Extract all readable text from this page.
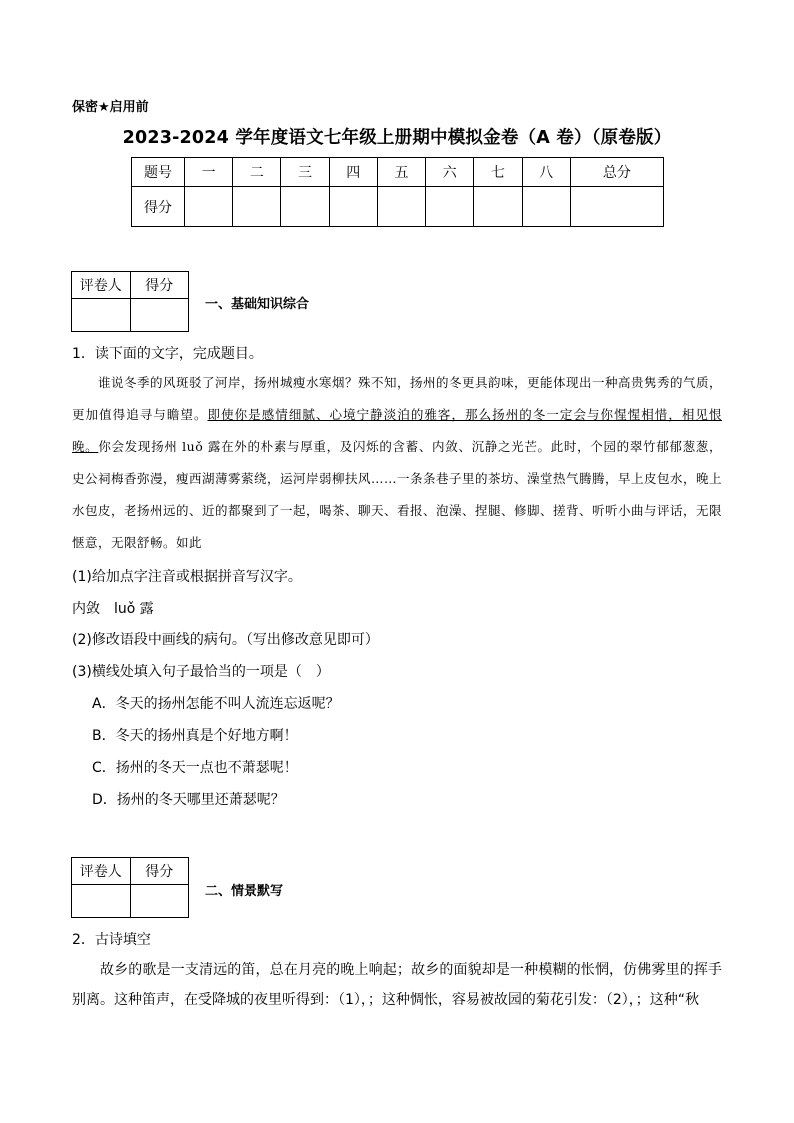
保密★启用前
2023-2024 学年度语文七年级上册期中模拟金卷（A 卷）（原卷版）
题号	一	二	三	四	五	六	七	八	总分
得分									
评卷人	得分

一、基础知识综合
1．读下面的文字，完成题目。
谁说冬季的风斑驳了河岸，扬州城瘦水寒烟？殊不知，扬州的冬更具韵味，更能体现出一种高贵隽秀的气质，更加值得追寻与瞻望。即使你是感情细腻、心境宁静淡泊的雅客，那么扬州的冬一定会与你惺惺相惜，相见恨晚。你会发现扬州 luǒ 露在外的朴素与厚重，及闪烁的含蓄、内敛、沉静之光芒。此时，个园的翠竹郁郁葱葱，史公祠梅香弥漫，瘦西湖薄雾萦绕，运河岸弱柳扶风……一条条巷子里的茶坊、澡堂热气腾腾，早上皮包水，晚上水包皮，老扬州远的、近的都聚到了一起，喝茶、聊天、看报、泡澡、捏腿、修脚、搓背、听听小曲与评话，无限惬意，无限舒畅。如此
(1)给加点字注音或根据拼音写汉字。
内敛　luǒ 露
(2)修改语段中画线的病句。（写出修改意见即可）
(3)横线处填入句子最恰当的一项是（　）
A．冬天的扬州怎能不叫人流连忘返呢？
B．冬天的扬州真是个好地方啊！
C．扬州的冬天一点也不萧瑟呢！
D．扬州的冬天哪里还萧瑟呢？
评卷人	得分

二、情景默写
2．古诗填空
故乡的歌是一支清远的笛，总在月亮的晚上响起；故乡的面貌却是一种模糊的怅惘，仿佛雾里的挥手别离。这种笛声，在受降城的夜里听得到：（1），；这种惆怅，容易被故园的菊花引发：（2），；这种“秋
